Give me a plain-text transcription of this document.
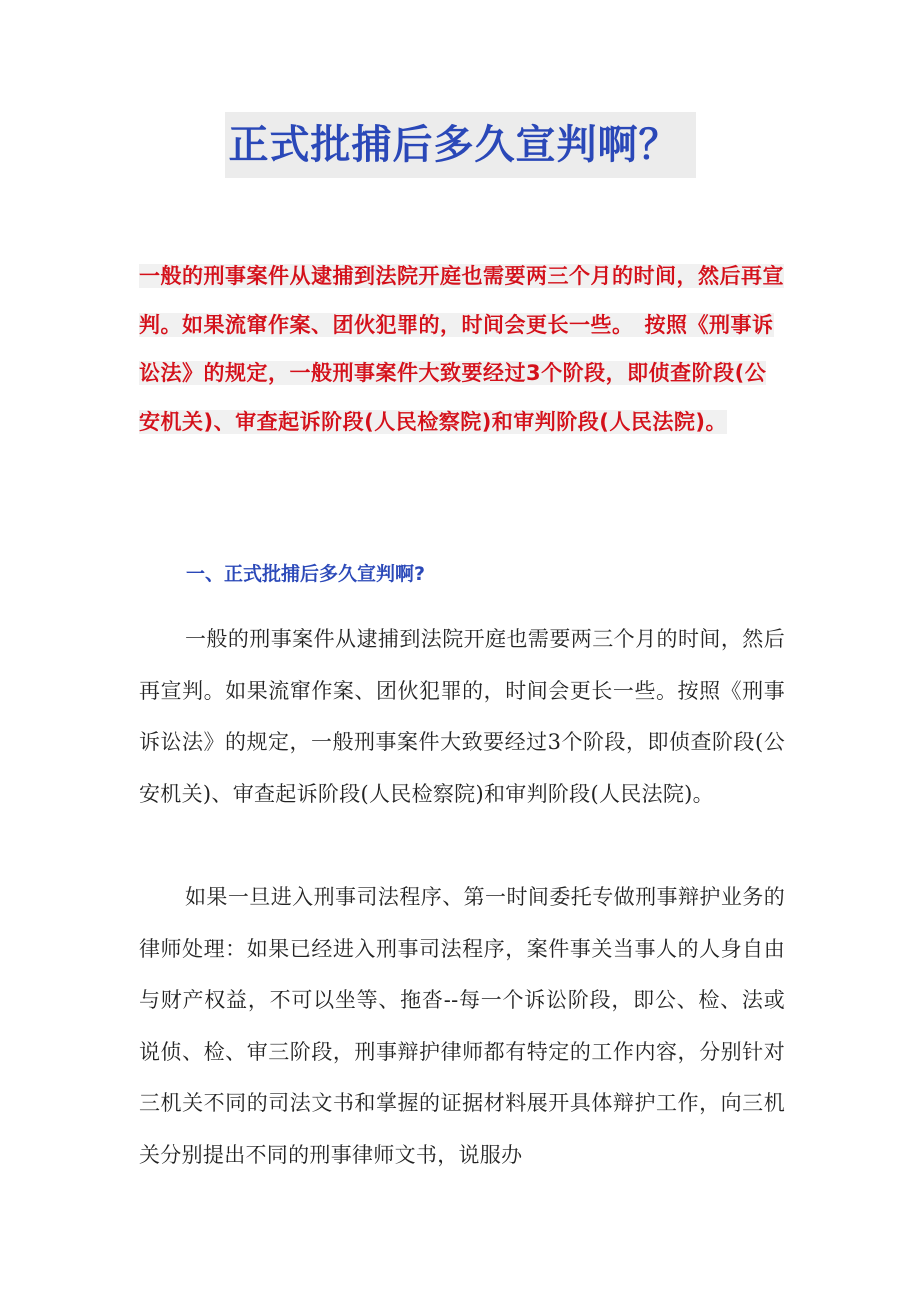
正式批捕后多久宣判啊？
一般的刑事案件从逮捕到法院开庭也需要两三个月的时间，然后再宣判。如果流窜作案、团伙犯罪的，时间会更长一些。　按照《刑事诉讼法》的规定，一般刑事案件大致要经过3个阶段，即侦查阶段(公安机关)、审查起诉阶段(人民检察院)和审判阶段(人民法院)。
一、正式批捕后多久宣判啊?

一般的刑事案件从逮捕到法院开庭也需要两三个月的时间，然后再宣判。如果流窜作案、团伙犯罪的，时间会更长一些。按照《刑事诉讼法》的规定，一般刑事案件大致要经过3个阶段，即侦查阶段(公安机关)、审查起诉阶段(人民检察院)和审判阶段(人民法院)。

如果一旦进入刑事司法程序、第一时间委托专做刑事辩护业务的律师处理：如果已经进入刑事司法程序，案件事关当事人的人身自由与财产权益，不可以坐等、拖沓--每一个诉讼阶段，即公、检、法或说侦、检、审三阶段，刑事辩护律师都有特定的工作内容，分别针对三机关不同的司法文书和掌握的证据材料展开具体辩护工作，向三机关分别提出不同的刑事律师文书，说服办
